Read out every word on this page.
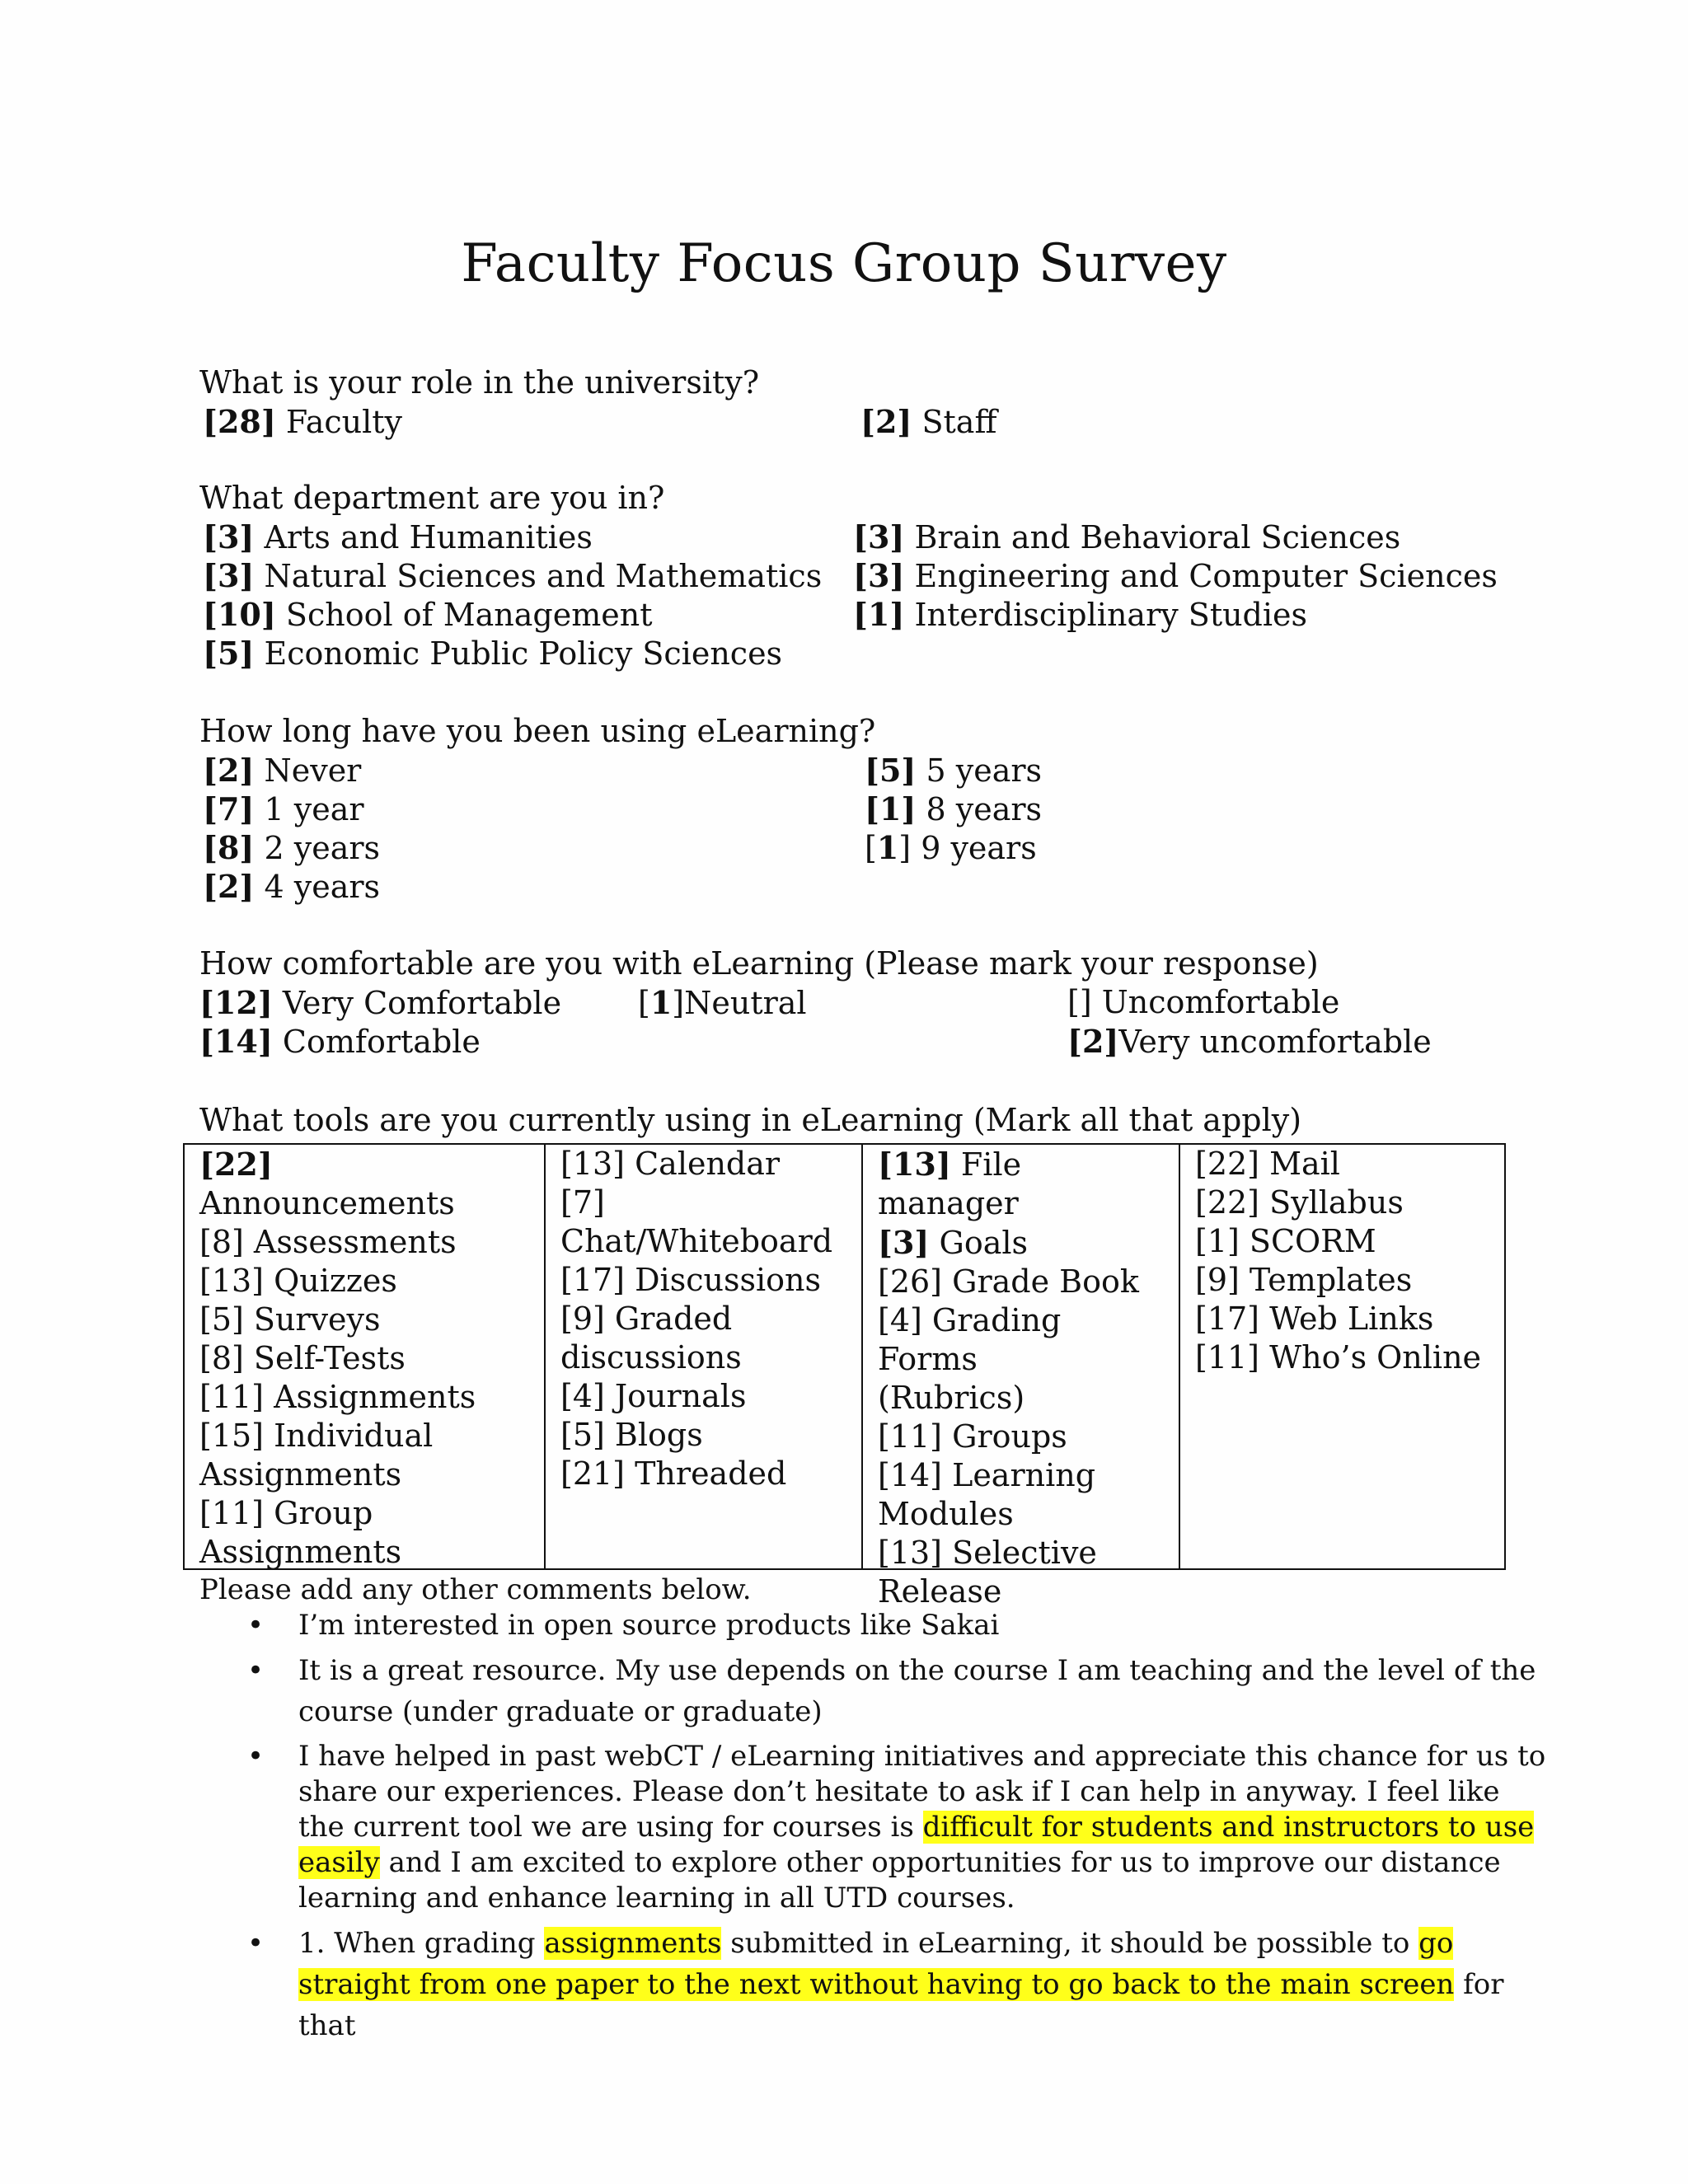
Faculty Focus Group Survey
What is your role in the university?
[28] Faculty	[2] Staff
What department are you in?
[3] Arts and Humanities
[3] Natural Sciences and Mathematics
[10] School of Management
[5] Economic Public Policy Sciences
[3] Brain and Behavioral Sciences
[3] Engineering and Computer Sciences
[1] Interdisciplinary Studies
How long have you been using eLearning?
[2] Never
[7] 1 year
[8] 2 years
[2] 4 years
[5] 5 years
[1] 8 years
[1] 9 years
How comfortable are you with eLearning (Please mark your response)
[12] Very Comfortable
[14] Comfortable
[1]Neutral	[] Uncomfortable
[2]Very uncomfortable
What tools are you currently using in eLearning (Mark all that apply)
[22] Announcements
[8] Assessments
[13] Quizzes
[5] Surveys
[8] Self-Tests
[11] Assignments
[15] Individual
Assignments
[11] Group
Assignments
[13] Calendar
[7]
Chat/Whiteboard
[17] Discussions
[9] Graded
discussions
[4] Journals
[5] Blogs
[21] Threaded
[13] File manager
[3] Goals
[26] Grade Book
[4] Grading Forms
(Rubrics)
[11] Groups
[14] Learning
Modules
[13] Selective
Release
[22] Mail
[22] Syllabus
[1] SCORM
[9] Templates
[17] Web Links
[11] Who’s Online
Please add any other comments below.
• I’m interested in open source products like Sakai
• It is a great resource. My use depends on the course I am teaching and the level of the course (under graduate or graduate)
• I have helped in past webCT / eLearning initiatives and appreciate this chance for us to share our experiences. Please don’t hesitate to ask if I can help in anyway. I feel like the current tool we are using for courses is difficult for students and instructors to use easily and I am excited to explore other opportunities for us to improve our distance learning and enhance learning in all UTD courses.
• 1. When grading assignments submitted in eLearning, it should be possible to go straight from one paper to the next without having to go back to the main screen for that
